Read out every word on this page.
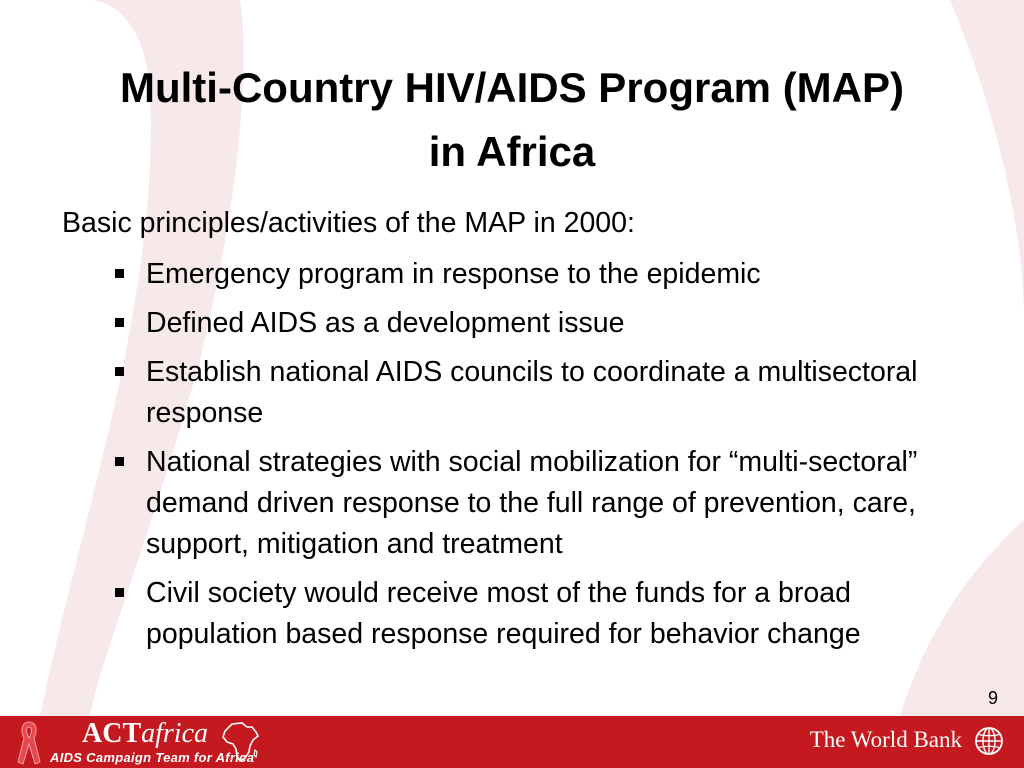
Multi-Country HIV/AIDS Program (MAP)
in Africa
Basic principles/activities of the MAP in 2000:
Emergency program in response to the epidemic
Defined AIDS as a development issue
Establish national AIDS councils to coordinate a multisectoral response
National strategies with social mobilization for “multi-sectoral” demand driven response to the full range of prevention, care, support, mitigation and treatment
Civil society would receive most of the funds for a broad population based response required for behavior change
9
ACTafrica
AIDS Campaign Team for Africa
The World Bank
